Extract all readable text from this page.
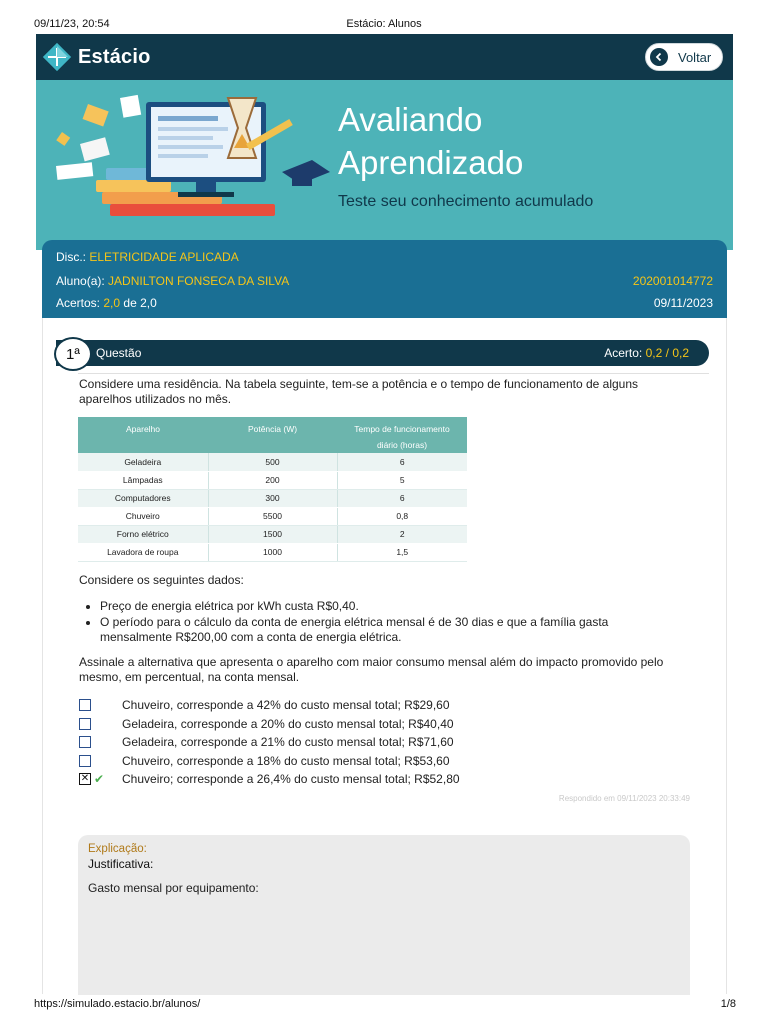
09/11/23, 20:54	Estácio: Alunos
Estácio	Voltar
Avaliando
Aprendizado
Teste seu conhecimento acumulado
Disc.: ELETRICIDADE APLICADA
Aluno(a): JADNILTON FONSECA DA SILVA	202001014772
Acertos: 2,0 de 2,0	09/11/2023
Questão	Acerto: 0,2 / 0,2
1ª
Considere uma residência. Na tabela seguinte, tem-se a potência e o tempo de funcionamento de alguns aparelhos utilizados no mês.
Aparelho	Potência (W)	Tempo de funcionamento diário (horas)
Geladeira	500	6
Lâmpadas	200	5
Computadores	300	6
Chuveiro	5500	0,8
Forno elétrico	1500	2
Lavadora de roupa	1000	1,5
Considere os seguintes dados:
• Preço de energia elétrica por kWh custa R$0,40.
• O período para o cálculo da conta de energia elétrica mensal é de 30 dias e que a família gasta mensalmente R$200,00 com a conta de energia elétrica.
Assinale a alternativa que apresenta o aparelho com maior consumo mensal além do impacto promovido pelo mesmo, em percentual, na conta mensal.
Chuveiro, corresponde a 42% do custo mensal total; R$29,60
Geladeira, corresponde a 20% do custo mensal total; R$40,40
Geladeira, corresponde a 21% do custo mensal total; R$71,60
Chuveiro, corresponde a 18% do custo mensal total; R$53,60
✕ ✔ Chuveiro; corresponde a 26,4% do custo mensal total; R$52,80
Respondido em 09/11/2023 20:33:49
Explicação:
Justificativa:
Gasto mensal por equipamento:
https://simulado.estacio.br/alunos/	1/8
